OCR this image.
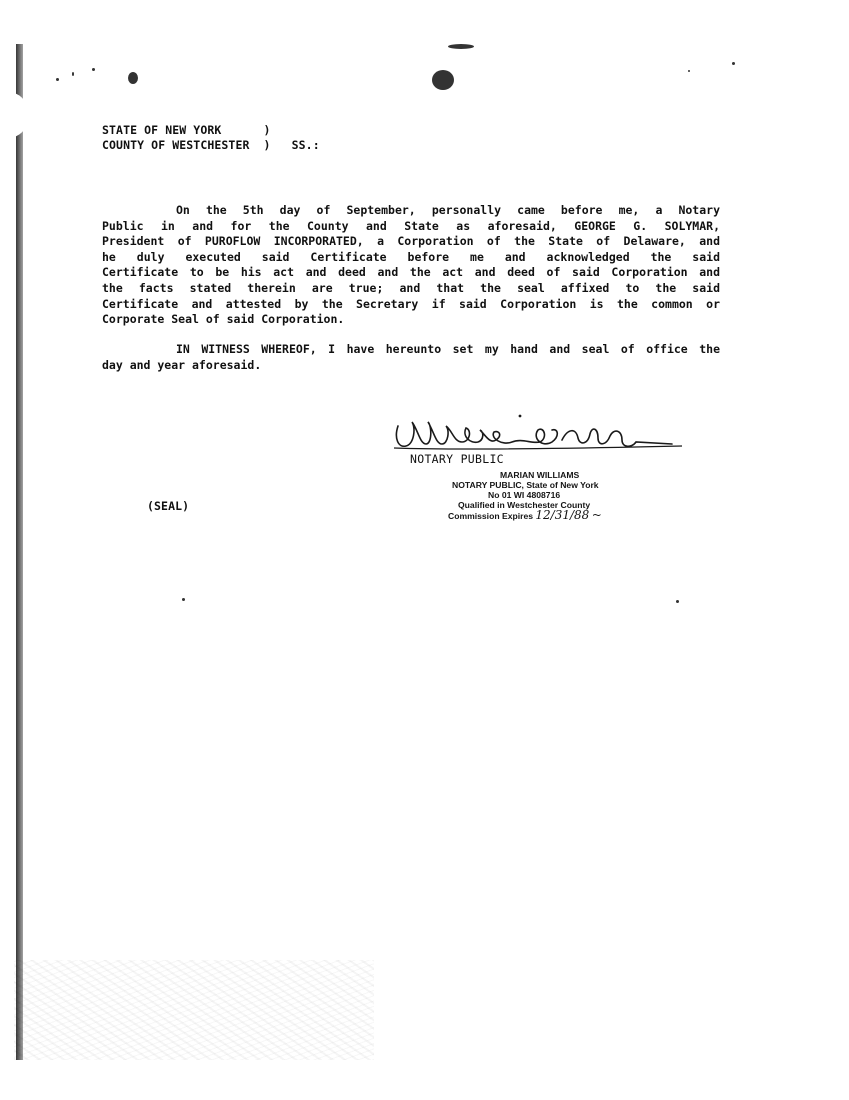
STATE OF NEW YORK      )
COUNTY OF WESTCHESTER  )   SS.:
On the 5th day of September, personally came before me, a Notary
Public in and for the County and State as aforesaid, GEORGE G. SOLYMAR,
President of PUROFLOW INCORPORATED, a Corporation of the State of Delaware, and
he duly executed said Certificate before me and acknowledged the said
Certificate to be his act and deed and the act and deed of said Corporation and
the facts stated therein are true; and that the seal affixed to the said
Certificate and attested by the Secretary if said Corporation is the common or
Corporate Seal of said Corporation.
IN WITNESS WHEREOF, I have hereunto set my hand and seal of office the
day and year aforesaid.
NOTARY PUBLIC
(SEAL)
MARIAN WILLIAMS
NOTARY PUBLIC, State of New York
No 01 WI 4808716
Qualified in Westchester County
Commission Expires 12/31/88 ~
